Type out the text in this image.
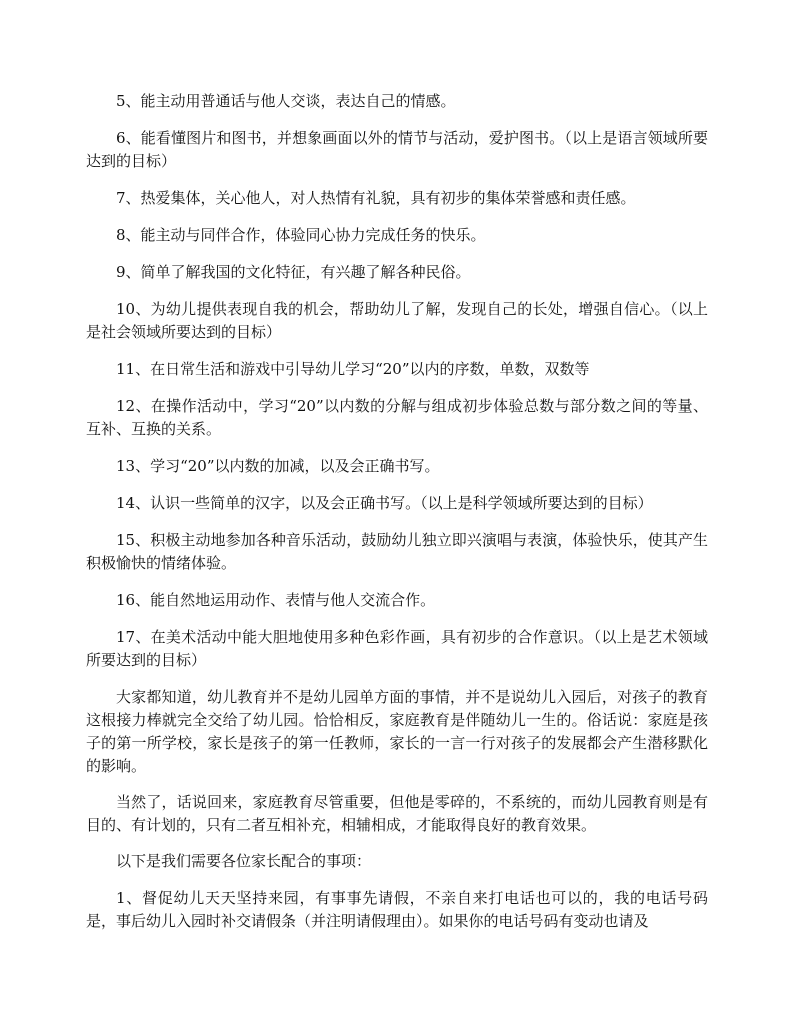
5、能主动用普通话与他人交谈，表达自己的情感。

6、能看懂图片和图书，并想象画面以外的情节与活动，爱护图书。（以上是语言领域所要达到的目标）

7、热爱集体，关心他人，对人热情有礼貌，具有初步的集体荣誉感和责任感。

8、能主动与同伴合作，体验同心协力完成任务的快乐。

9、简单了解我国的文化特征，有兴趣了解各种民俗。

10、为幼儿提供表现自我的机会，帮助幼儿了解，发现自己的长处，增强自信心。（以上是社会领域所要达到的目标）

11、在日常生活和游戏中引导幼儿学习“20”以内的序数，单数，双数等

12、在操作活动中，学习“20”以内数的分解与组成初步体验总数与部分数之间的等量、互补、互换的关系。

13、学习“20”以内数的加减，以及会正确书写。

14、认识一些简单的汉字，以及会正确书写。（以上是科学领域所要达到的目标）

15、积极主动地参加各种音乐活动，鼓励幼儿独立即兴演唱与表演，体验快乐，使其产生积极愉快的情绪体验。

16、能自然地运用动作、表情与他人交流合作。

17、在美术活动中能大胆地使用多种色彩作画，具有初步的合作意识。（以上是艺术领域所要达到的目标）

大家都知道，幼儿教育并不是幼儿园单方面的事情，并不是说幼儿入园后，对孩子的教育这根接力棒就完全交给了幼儿园。恰恰相反，家庭教育是伴随幼儿一生的。俗话说：家庭是孩子的第一所学校，家长是孩子的第一任教师，家长的一言一行对孩子的发展都会产生潜移默化的影响。

当然了，话说回来，家庭教育尽管重要，但他是零碎的，不系统的，而幼儿园教育则是有目的、有计划的，只有二者互相补充，相辅相成，才能取得良好的教育效果。

以下是我们需要各位家长配合的事项：

1、督促幼儿天天坚持来园，有事事先请假，不亲自来打电话也可以的，我的电话号码是，事后幼儿入园时补交请假条（并注明请假理由）。如果你的电话号码有变动也请及
